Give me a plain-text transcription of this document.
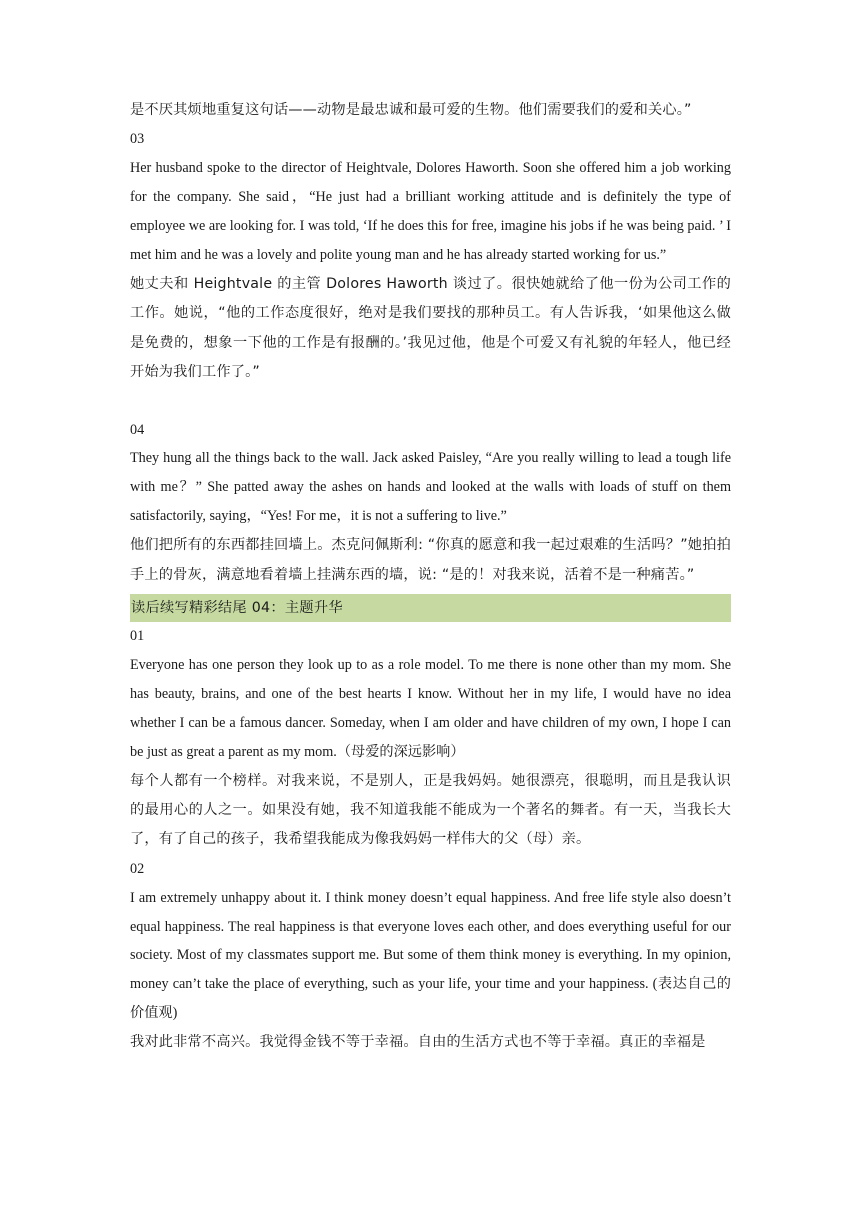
是不厌其烦地重复这句话——动物是最忠诚和最可爱的生物。他们需要我们的爱和关心。”

03

Her husband spoke to the director of Heightvale, Dolores Haworth. Soon she offered him a job working for the company. She said，“He just had a brilliant working attitude and is definitely the type of employee we are looking for. I was told, ‘If he does this for free, imagine his jobs if he was being paid. ’ I met him and he was a lovely and polite young man and he has already started working for us.”

她丈夫和 Heightvale 的主管 Dolores Haworth 谈过了。很快她就给了他一份为公司工作的工作。她说，“他的工作态度很好，绝对是我们要找的那种员工。有人告诉我，‘如果他这么做是免费的，想象一下他的工作是有报酬的。’我见过他，他是个可爱又有礼貌的年轻人，他已经开始为我们工作了。”

04

They hung all the things back to the wall. Jack asked Paisley, “Are you really willing to lead a tough life with me？” She patted away the ashes on hands and looked at the walls with loads of stuff on them satisfactorily, saying，“Yes! For me，it is not a suffering to live.”

他们把所有的东西都挂回墙上。杰克问佩斯利: “你真的愿意和我一起过艰难的生活吗？”她拍拍手上的骨灰，满意地看着墙上挂满东西的墙，说: “是的！对我来说，活着不是一种痛苦。”

读后续写精彩结尾 04：主题升华

01

Everyone has one person they look up to as a role model. To me there is none other than my mom. She has beauty, brains, and one of the best hearts I know. Without her in my life, I would have no idea whether I can be a famous dancer. Someday, when I am older and have children of my own, I hope I can be just as great a parent as my mom.（母爱的深远影响）

每个人都有一个榜样。对我来说，不是别人，正是我妈妈。她很漂亮，很聪明，而且是我认识的最用心的人之一。如果没有她，我不知道我能不能成为一个著名的舞者。有一天，当我长大了，有了自己的孩子，我希望我能成为像我妈妈一样伟大的父（母）亲。

02

I am extremely unhappy about it. I think money doesn’t equal happiness. And free life style also doesn’t equal happiness. The real happiness is that everyone loves each other, and does everything useful for our society. Most of my classmates support me. But some of them think money is everything. In my opinion, money can’t take the place of everything, such as your life, your time and your happiness. (表达自己的价值观)

我对此非常不高兴。我觉得金钱不等于幸福。自由的生活方式也不等于幸福。真正的幸福是
